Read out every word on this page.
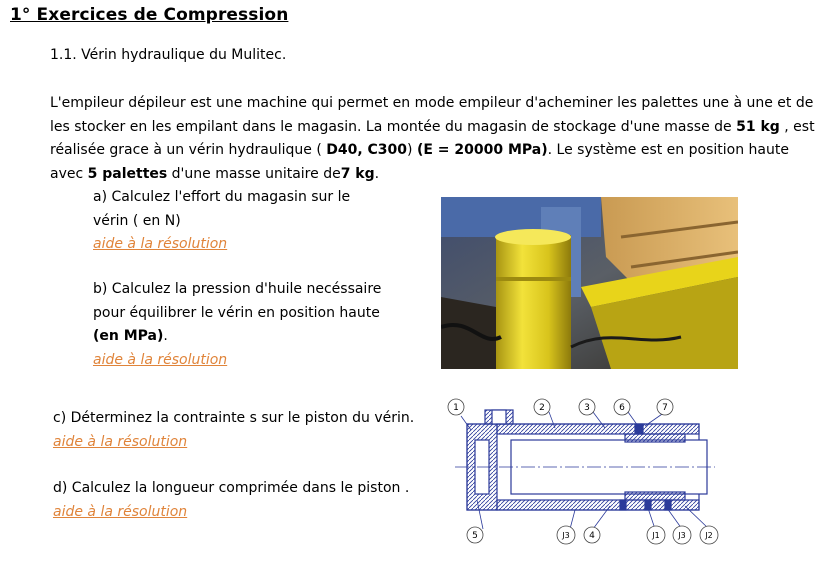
1° Exercices de Compression
1.1. Vérin hydraulique du Mulitec.
L'empileur dépileur est une machine qui permet en mode empileur d'acheminer les palettes une à une et de les stocker en les empilant dans le magasin. La montée du magasin de stockage d'une masse de 51 kg , est réalisée grace à un vérin hydraulique ( D40, C300) (E = 20000 MPa). Le système est en position haute avec 5 palettes d'une masse unitaire de7 kg.
a) Calculez l'effort du magasin sur le
vérin ( en N)
aide à la résolution
b) Calculez la pression d'huile necéssaire
pour équilibrer le vérin en position haute
(en MPa).
aide à la résolution
c) Déterminez la contrainte s sur le piston du vérin.
aide à la résolution
d) Calculez la longueur comprimée dans le piston .
aide à la résolution
1	2	3	6	7
5	J3 4	J1 J3 J2
